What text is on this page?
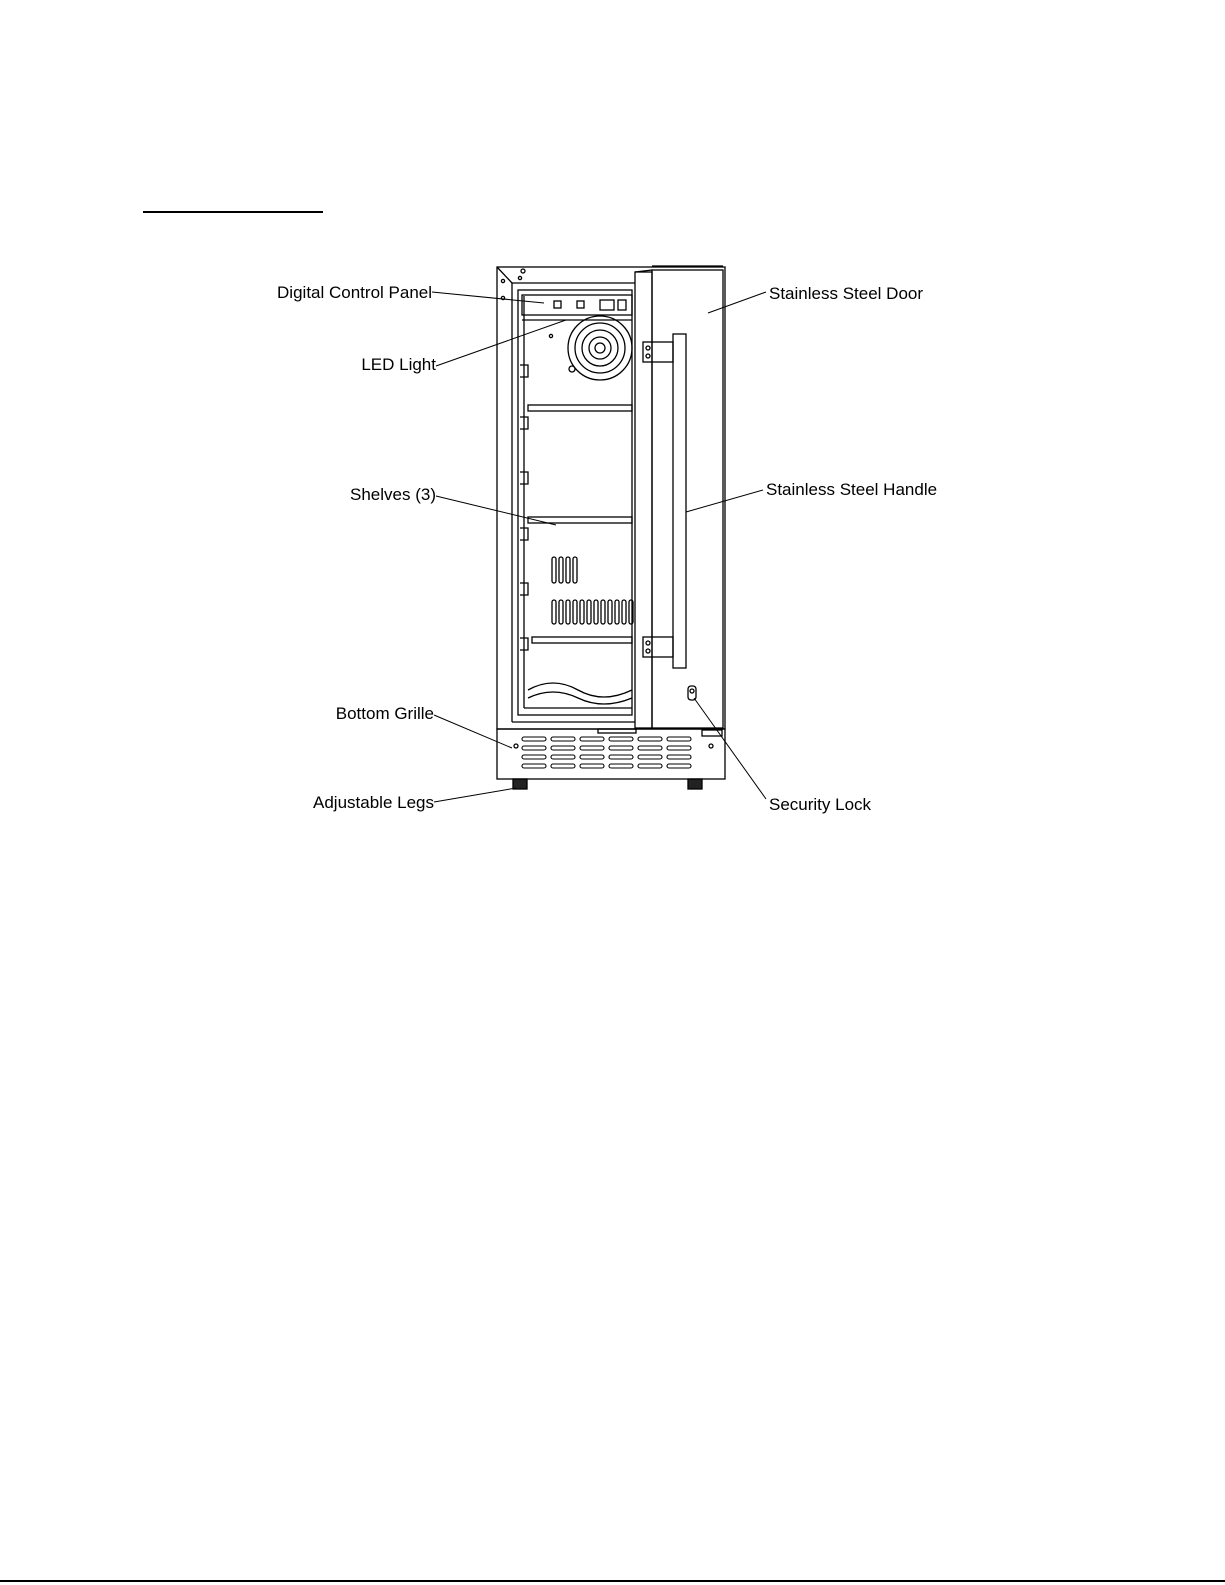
Digital Control Panel
LED Light
Shelves (3)
Bottom Grille
Adjustable Legs
Stainless Steel Door
Stainless Steel Handle
Security Lock
